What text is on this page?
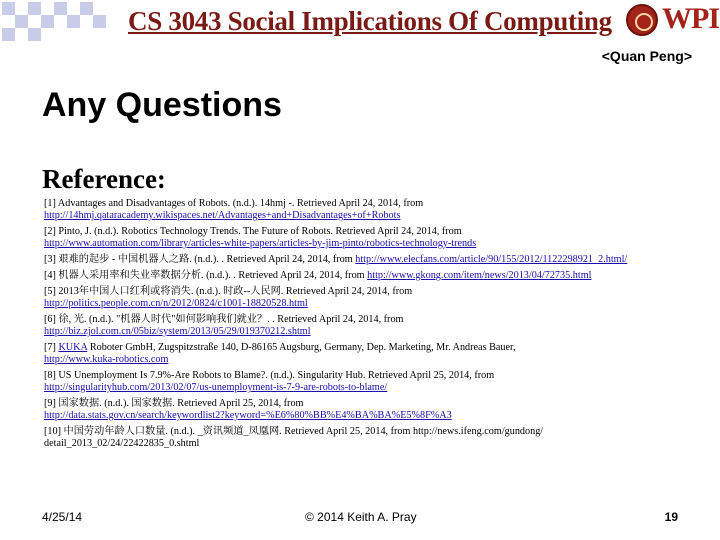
CS 3043 Social Implications Of Computing WPI
<Quan Peng>
Any Questions
Reference:
[1] Advantages and Disadvantages of Robots. (n.d.). 14hmj -. Retrieved April 24, 2014, from
http://14hmj.qataracademy.wikispaces.net/Advantages+and+Disadvantages+of+Robots
[2] Pinto, J. (n.d.). Robotics Technology Trends. The Future of Robots. Retrieved April 24, 2014, from
http://www.automation.com/library/articles-white-papers/articles-by-jim-pinto/robotics-technology-trends
[3] 艰难的起步 - 中国机器人之路. (n.d.). . Retrieved April 24, 2014, from http://www.elecfans.com/article/90/155/2012/1122298921_2.html/
[4] 机器人采用率和失业率数据分析. (n.d.). . Retrieved April 24, 2014, from http://www.gkong.com/item/news/2013/04/72735.html
[5] 2013年中国人口红利或将消失. (n.d.). 时政--人民网. Retrieved April 24, 2014, from
http://politics.people.com.cn/n/2012/0824/c1001-18820528.html
[6] 徐, 光. (n.d.). "机器人时代"如何影响我们就业？. . Retrieved April 24, 2014, from
http://biz.zjol.com.cn/05biz/system/2013/05/29/019370212.shtml
[7] KUKA Roboter GmbH, Zugspitzstraße 140, D-86165 Augsburg, Germany, Dep. Marketing, Mr. Andreas Bauer,
http://www.kuka-robotics.com
[8] US Unemployment Is 7.9%-Are Robots to Blame?. (n.d.). Singularity Hub. Retrieved April 25, 2014, from
http://singularityhub.com/2013/02/07/us-unemployment-is-7-9-are-robots-to-blame/
[9] 国家数据. (n.d.). 国家数据. Retrieved April 25, 2014, from
http://data.stats.gov.cn/search/keywordlist2?keyword=%E6%80%BB%E4%BA%BA%E5%8F%A3
[10] 中国劳动年龄人口数量. (n.d.). _资讯频道_凤凰网. Retrieved April 25, 2014, from http://news.ifeng.com/gundong/
detail_2013_02/24/22422835_0.shtml
4/25/14	© 2014 Keith A. Pray	19
